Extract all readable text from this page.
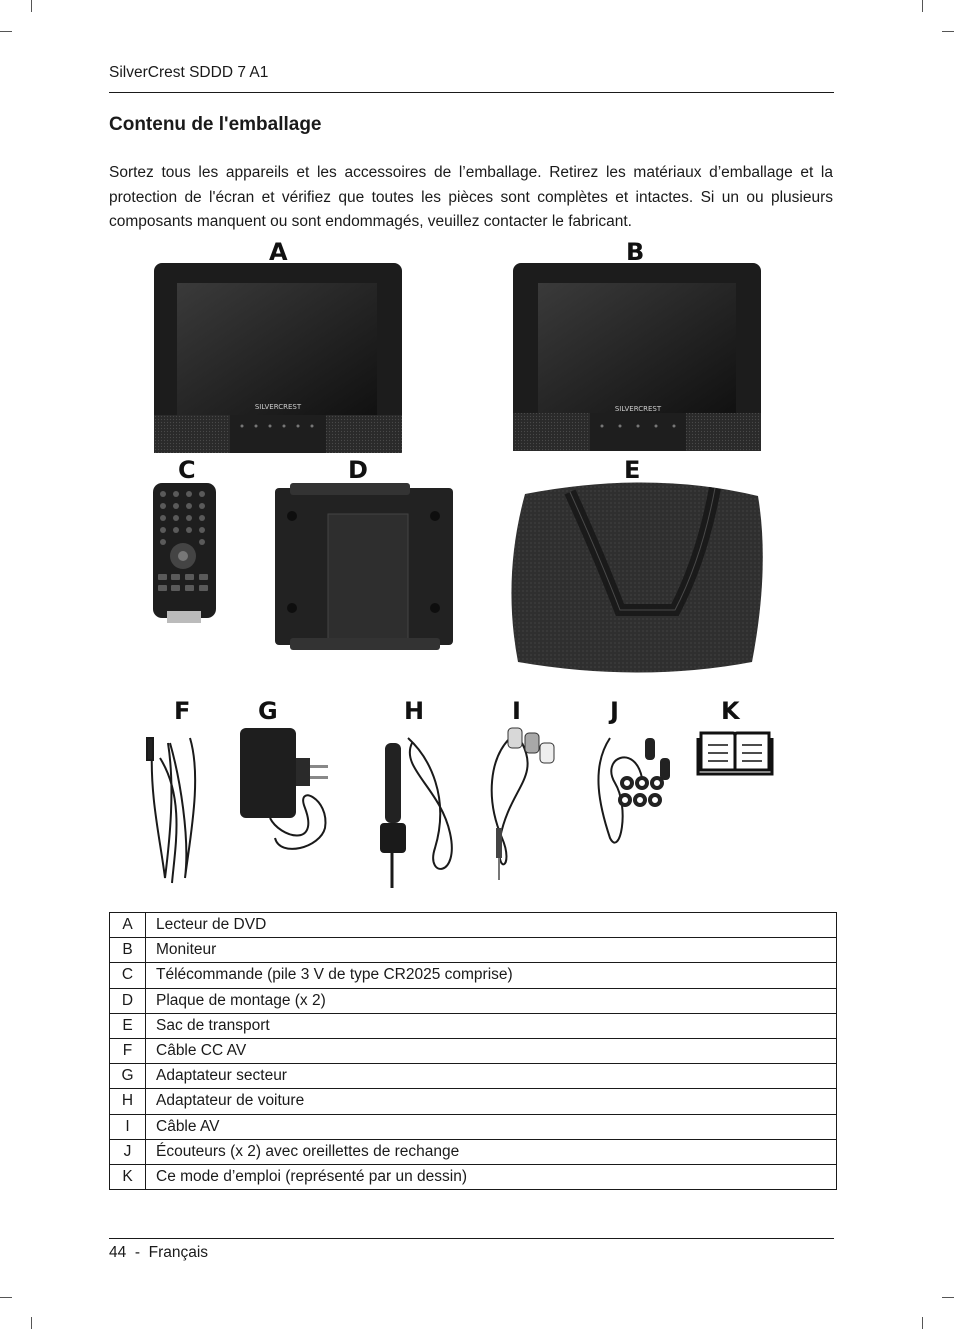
SilverCrest SDDD 7 A1
Contenu de l'emballage

Sortez tous les appareils et les accessoires de l’emballage. Retirez les matériaux d’emballage et la protection de l'écran et vérifiez que toutes les pièces sont complètes et intactes. Si un ou plusieurs composants manquent ou sont endommagés, veuillez contacter le fabricant.

SILVERCREST	SILVERCREST
A	B
C	D	E
F	G	H	I	J	K
A	Lecteur de DVD
B	Moniteur
C	Télécommande (pile 3 V de type CR2025 comprise)
D	Plaque de montage (x 2)
E	Sac de transport
F	Câble CC AV
G	Adaptateur secteur
H	Adaptateur de voiture
I	Câble AV
J	Écouteurs (x 2) avec oreillettes de rechange
K	Ce mode d’emploi (représenté par un dessin)
44  -  Français
